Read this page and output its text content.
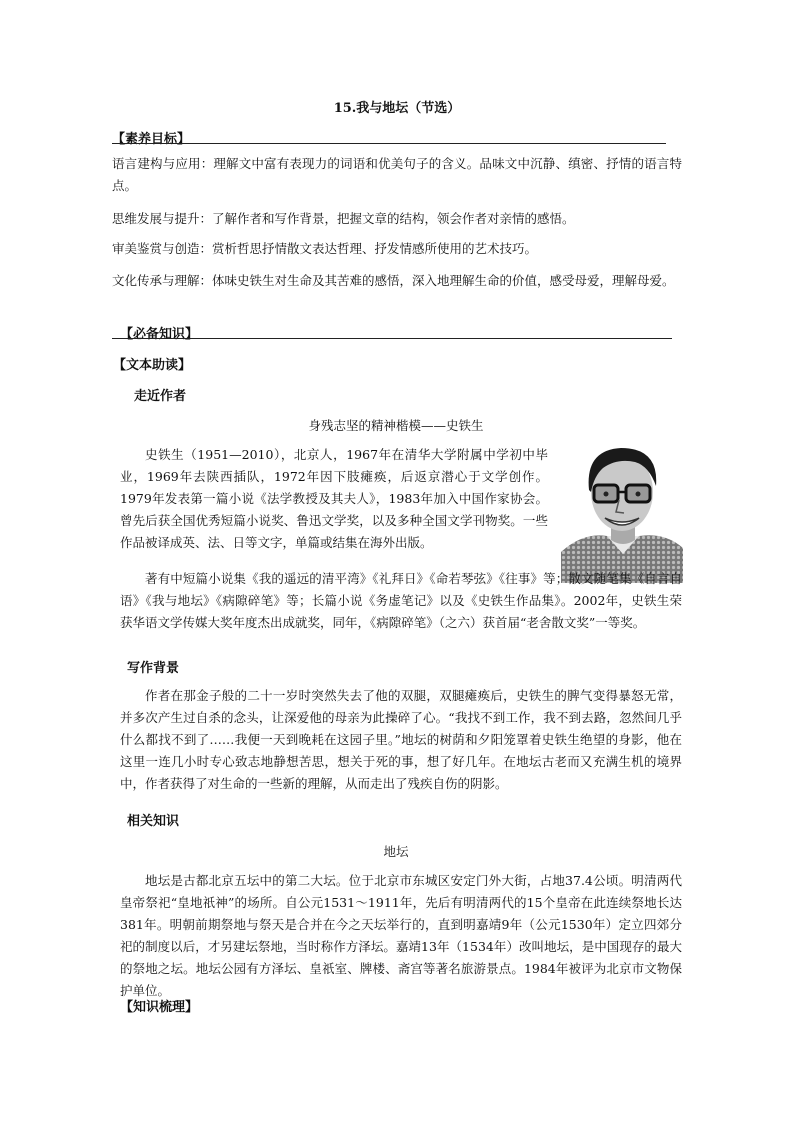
15.我与地坛（节选）
【素养目标】

语言建构与应用：理解文中富有表现力的词语和优美句子的含义。品味文中沉静、缜密、抒情的语言特点。

思维发展与提升：了解作者和写作背景，把握文章的结构，领会作者对亲情的感悟。

审美鉴赏与创造：赏析哲思抒情散文表达哲理、抒发情感所使用的艺术技巧。

文化传承与理解：体味史铁生对生命及其苦难的感悟，深入地理解生命的价值，感受母爱，理解母爱。

【必备知识】
【文本助读】
走近作者
身残志坚的精神楷模——史铁生

史铁生（1951—2010），北京人，1967年在清华大学附属中学初中毕业，1969年去陕西插队，1972年因下肢瘫痪，后返京潜心于文学创作。1979年发表第一篇小说《法学教授及其夫人》，1983年加入中国作家协会。曾先后获全国优秀短篇小说奖、鲁迅文学奖，以及多种全国文学刊物奖。一些作品被译成英、法、日等文字，单篇或结集在海外出版。

著有中短篇小说集《我的遥远的清平湾》《礼拜日》《命若琴弦》《往事》等；散文随笔集《自言自语》《我与地坛》《病隙碎笔》等；长篇小说《务虚笔记》以及《史铁生作品集》。2002年，史铁生荣获华语文学传媒大奖年度杰出成就奖，同年，《病隙碎笔》（之六）获首届“老舍散文奖”一等奖。

写作背景

作者在那金子般的二十一岁时突然失去了他的双腿，双腿瘫痪后，史铁生的脾气变得暴怒无常，并多次产生过自杀的念头，让深爱他的母亲为此操碎了心。“我找不到工作，我不到去路，忽然间几乎什么都找不到了……我便一天到晚耗在这园子里。”地坛的树荫和夕阳笼罩着史铁生绝望的身影，他在这里一连几小时专心致志地静想苦思，想关于死的事，想了好几年。在地坛古老而又充满生机的境界中，作者获得了对生命的一些新的理解，从而走出了残疾自伤的阴影。

相关知识
地坛

地坛是古都北京五坛中的第二大坛。位于北京市东城区安定门外大街，占地37.4公顷。明清两代皇帝祭祀“皇地祇神”的场所。自公元1531～1911年，先后有明清两代的15个皇帝在此连续祭地长达381年。明朝前期祭地与祭天是合并在今之天坛举行的，直到明嘉靖9年（公元1530年）定立四郊分祀的制度以后，才另建坛祭地，当时称作方泽坛。嘉靖13年（1534年）改叫地坛，是中国现存的最大的祭地之坛。地坛公园有方泽坛、皇祇室、牌楼、斋宫等著名旅游景点。1984年被评为北京市文物保护单位。

【知识梳理】
